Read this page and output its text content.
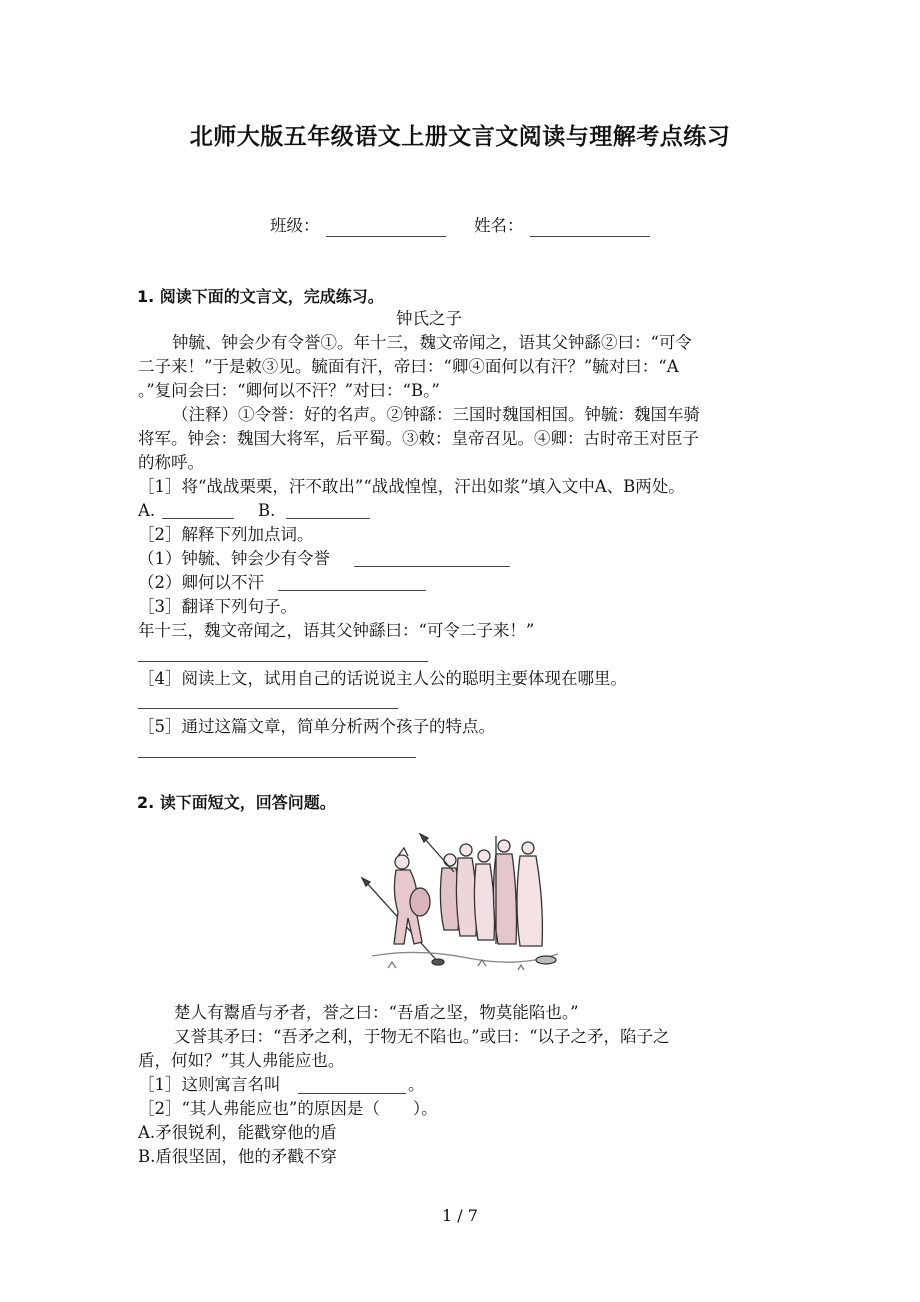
北师大版五年级语文上册文言文阅读与理解考点练习
班级：	姓名：
1. 阅读下面的文言文，完成练习。
钟氏之子
钟毓、钟会少有令誉①。年十三，魏文帝闻之，语其父钟繇②曰：“可令
二子来！”于是敕③见。毓面有汗，帝曰：“卿④面何以有汗？”毓对曰：“A
。”复问会曰：“卿何以不汗？”对曰：“B。”
（注释）①令誉：好的名声。②钟繇：三国时魏国相国。钟毓：魏国车骑
将军。钟会：魏国大将军，后平蜀。③敕：皇帝召见。④卿：古时帝王对臣子
的称呼。
［1］将“战战栗栗，汗不敢出”“战战惶惶，汗出如浆”填入文中A、B两处。
A.	B.
［2］解释下列加点词。
（1）钟毓、钟会少有令誉
（2）卿何以不汗
［3］翻译下列句子。
年十三，魏文帝闻之，语其父钟繇曰：“可令二子来！”
［4］阅读上文，试用自己的话说说主人公的聪明主要体现在哪里。
［5］通过这篇文章，简单分析两个孩子的特点。
2. 读下面短文，回答问题。
楚人有鬻盾与矛者，誉之曰：“吾盾之坚，物莫能陷也。”
又誉其矛曰：“吾矛之利，于物无不陷也。”或曰：“以子之矛，陷子之
盾，何如？”其人弗能应也。
［1］这则寓言名叫	。
［2］“其人弗能应也”的原因是（　　）。
A.矛很锐利，能戳穿他的盾
B.盾很坚固，他的矛戳不穿
1 / 7
